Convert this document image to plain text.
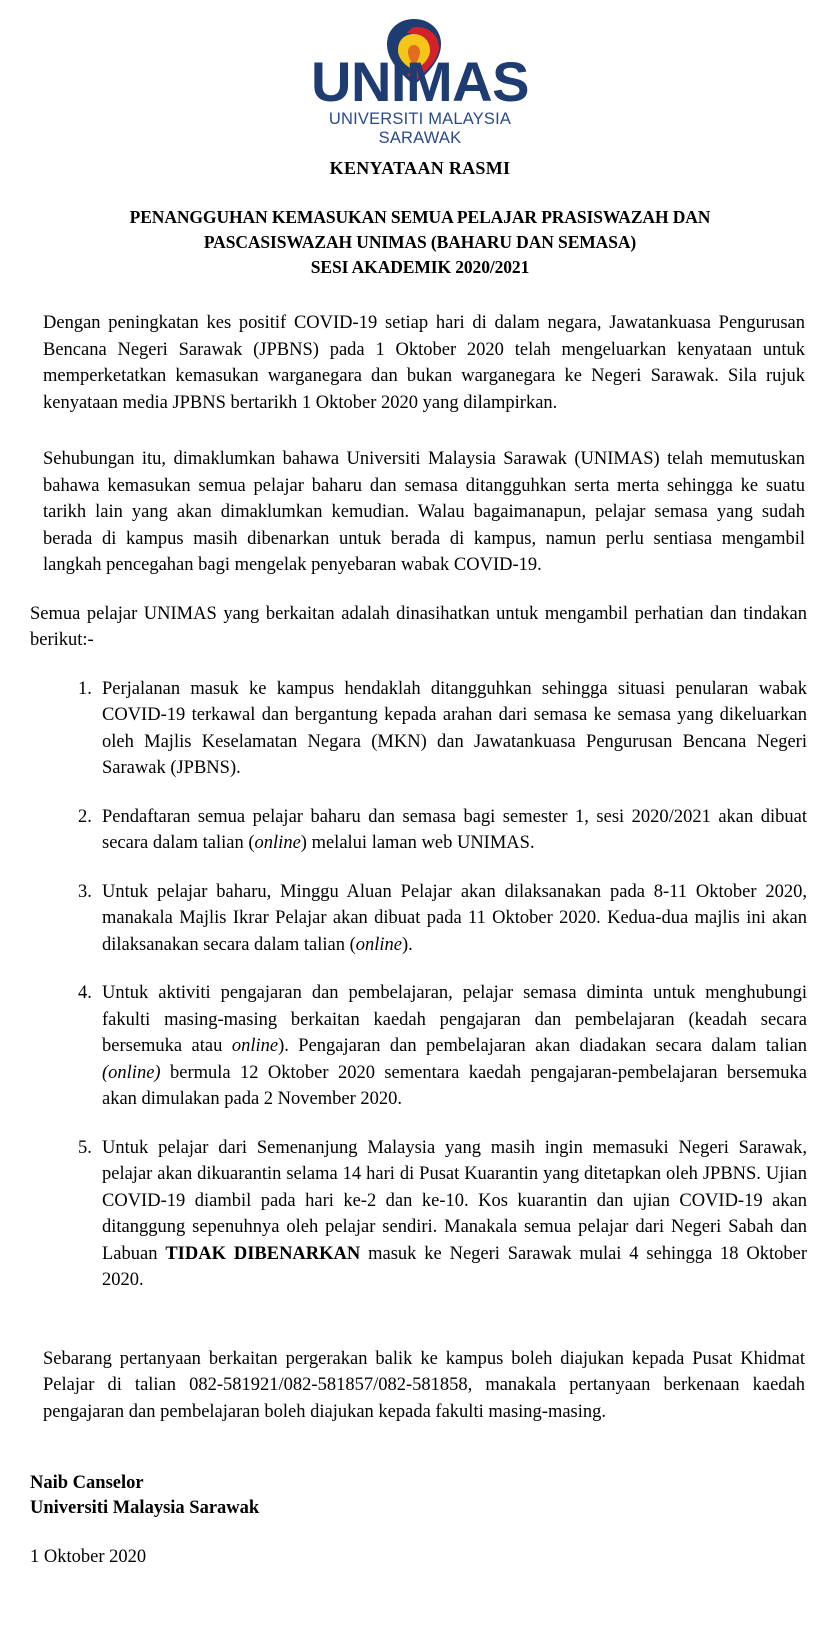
UNIMAS
UNIVERSITI MALAYSIA SARAWAK
KENYATAAN RASMI
PENANGGUHAN KEMASUKAN SEMUA PELAJAR PRASISWAZAH DAN
PASCASISWAZAH UNIMAS (BAHARU DAN SEMASA)
SESI AKADEMIK 2020/2021
Dengan peningkatan kes positif COVID-19 setiap hari di dalam negara, Jawatankuasa Pengurusan Bencana Negeri Sarawak (JPBNS) pada 1 Oktober 2020 telah mengeluarkan kenyataan untuk memperketatkan kemasukan warganegara dan bukan warganegara ke Negeri Sarawak. Sila rujuk kenyataan media JPBNS bertarikh 1 Oktober 2020 yang dilampirkan.
Sehubungan itu, dimaklumkan bahawa Universiti Malaysia Sarawak (UNIMAS) telah memutuskan bahawa kemasukan semua pelajar baharu dan semasa ditangguhkan serta merta sehingga ke suatu tarikh lain yang akan dimaklumkan kemudian. Walau bagaimanapun, pelajar semasa yang sudah berada di kampus masih dibenarkan untuk berada di kampus, namun perlu sentiasa mengambil langkah pencegahan bagi mengelak penyebaran wabak COVID-19.
Semua pelajar UNIMAS yang berkaitan adalah dinasihatkan untuk mengambil perhatian dan tindakan berikut:-
1. Perjalanan masuk ke kampus hendaklah ditangguhkan sehingga situasi penularan wabak COVID-19 terkawal dan bergantung kepada arahan dari semasa ke semasa yang dikeluarkan oleh Majlis Keselamatan Negara (MKN) dan Jawatankuasa Pengurusan Bencana Negeri Sarawak (JPBNS).
2. Pendaftaran semua pelajar baharu dan semasa bagi semester 1, sesi 2020/2021 akan dibuat secara dalam talian (online) melalui laman web UNIMAS.
3. Untuk pelajar baharu, Minggu Aluan Pelajar akan dilaksanakan pada 8-11 Oktober 2020, manakala Majlis Ikrar Pelajar akan dibuat pada 11 Oktober 2020. Kedua-dua majlis ini akan dilaksanakan secara dalam talian (online).
4. Untuk aktiviti pengajaran dan pembelajaran, pelajar semasa diminta untuk menghubungi fakulti masing-masing berkaitan kaedah pengajaran dan pembelajaran (keadah secara bersemuka atau online). Pengajaran dan pembelajaran akan diadakan secara dalam talian (online) bermula 12 Oktober 2020 sementara kaedah pengajaran-pembelajaran bersemuka akan dimulakan pada 2 November 2020.
5. Untuk pelajar dari Semenanjung Malaysia yang masih ingin memasuki Negeri Sarawak, pelajar akan dikuarantin selama 14 hari di Pusat Kuarantin yang ditetapkan oleh JPBNS. Ujian COVID-19 diambil pada hari ke-2 dan ke-10. Kos kuarantin dan ujian COVID-19 akan ditanggung sepenuhnya oleh pelajar sendiri. Manakala semua pelajar dari Negeri Sabah dan Labuan TIDAK DIBENARKAN masuk ke Negeri Sarawak mulai 4 sehingga 18 Oktober 2020.
Sebarang pertanyaan berkaitan pergerakan balik ke kampus boleh diajukan kepada Pusat Khidmat Pelajar di talian 082-581921/082-581857/082-581858, manakala pertanyaan berkenaan kaedah pengajaran dan pembelajaran boleh diajukan kepada fakulti masing-masing.
Naib Canselor
Universiti Malaysia Sarawak
1 Oktober 2020
